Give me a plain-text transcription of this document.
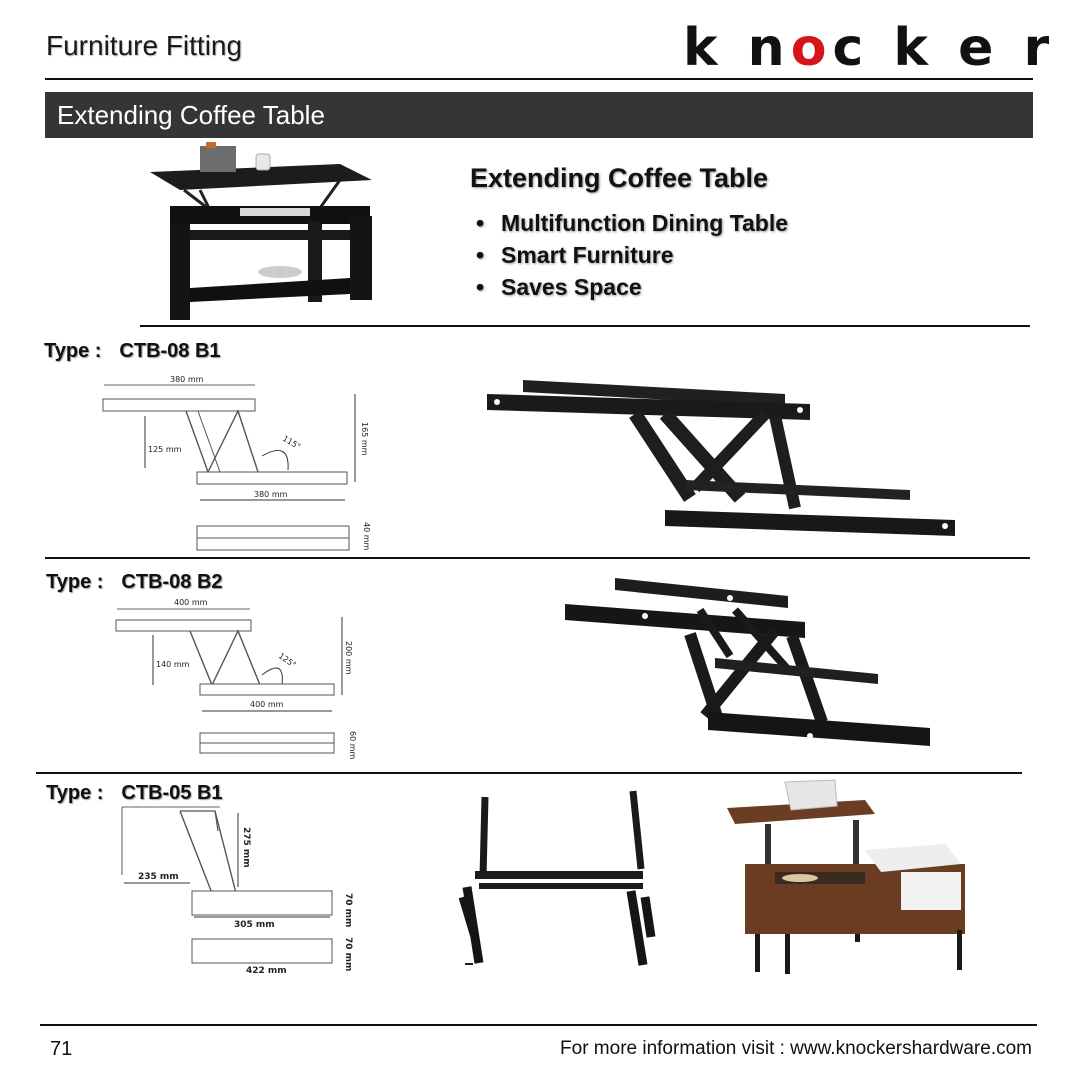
Furniture Fitting	k noc k e r
Extending Coffee Table
Extending Coffee Table
• Multifunction Dining Table
• Smart Furniture
• Saves Space
Type : CTB-08 B1
380 mm
125 mm	115°	165 mm
380 mm
40 mm
Type : CTB-08 B2
400 mm
140 mm	125°	200 mm
400 mm
60 mm
Type : CTB-05 B1
275 mm
235 mm
305 mm	70 mm
422 mm	70 mm
71	For more information visit : www.knockershardware.com
